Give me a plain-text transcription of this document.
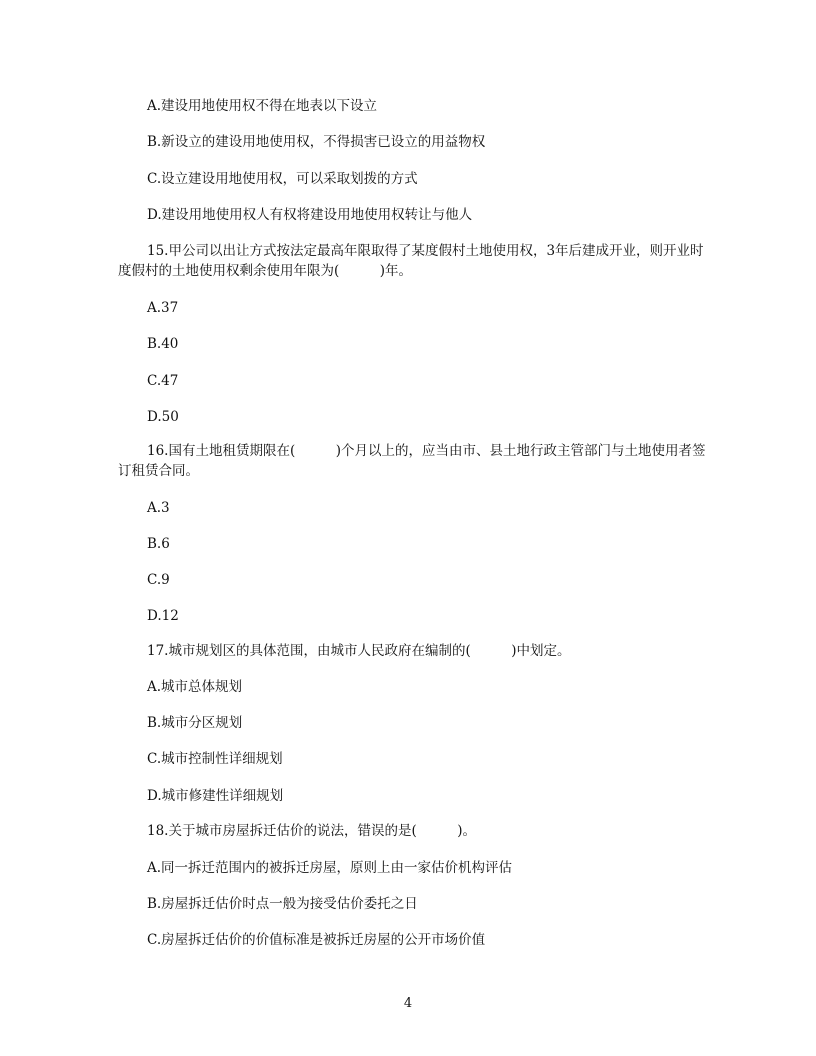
A.建设用地使用权不得在地表以下设立
B.新设立的建设用地使用权，不得损害已设立的用益物权
C.设立建设用地使用权，可以采取划拨的方式
D.建设用地使用权人有权将建设用地使用权转让与他人
15.甲公司以出让方式按法定最高年限取得了某度假村土地使用权，3年后建成开业，则开业时度假村的土地使用权剩余使用年限为(　　　)年。
A.37
B.40
C.47
D.50
16.国有土地租赁期限在(　　　)个月以上的，应当由市、县土地行政主管部门与土地使用者签订租赁合同。
A.3
B.6
C.9
D.12
17.城市规划区的具体范围，由城市人民政府在编制的(　　　)中划定。
A.城市总体规划
B.城市分区规划
C.城市控制性详细规划
D.城市修建性详细规划
18.关于城市房屋拆迁估价的说法，错误的是(　　　)。
A.同一拆迁范围内的被拆迁房屋，原则上由一家估价机构评估
B.房屋拆迁估价时点一般为接受估价委托之日
C.房屋拆迁估价的价值标准是被拆迁房屋的公开市场价值
4
